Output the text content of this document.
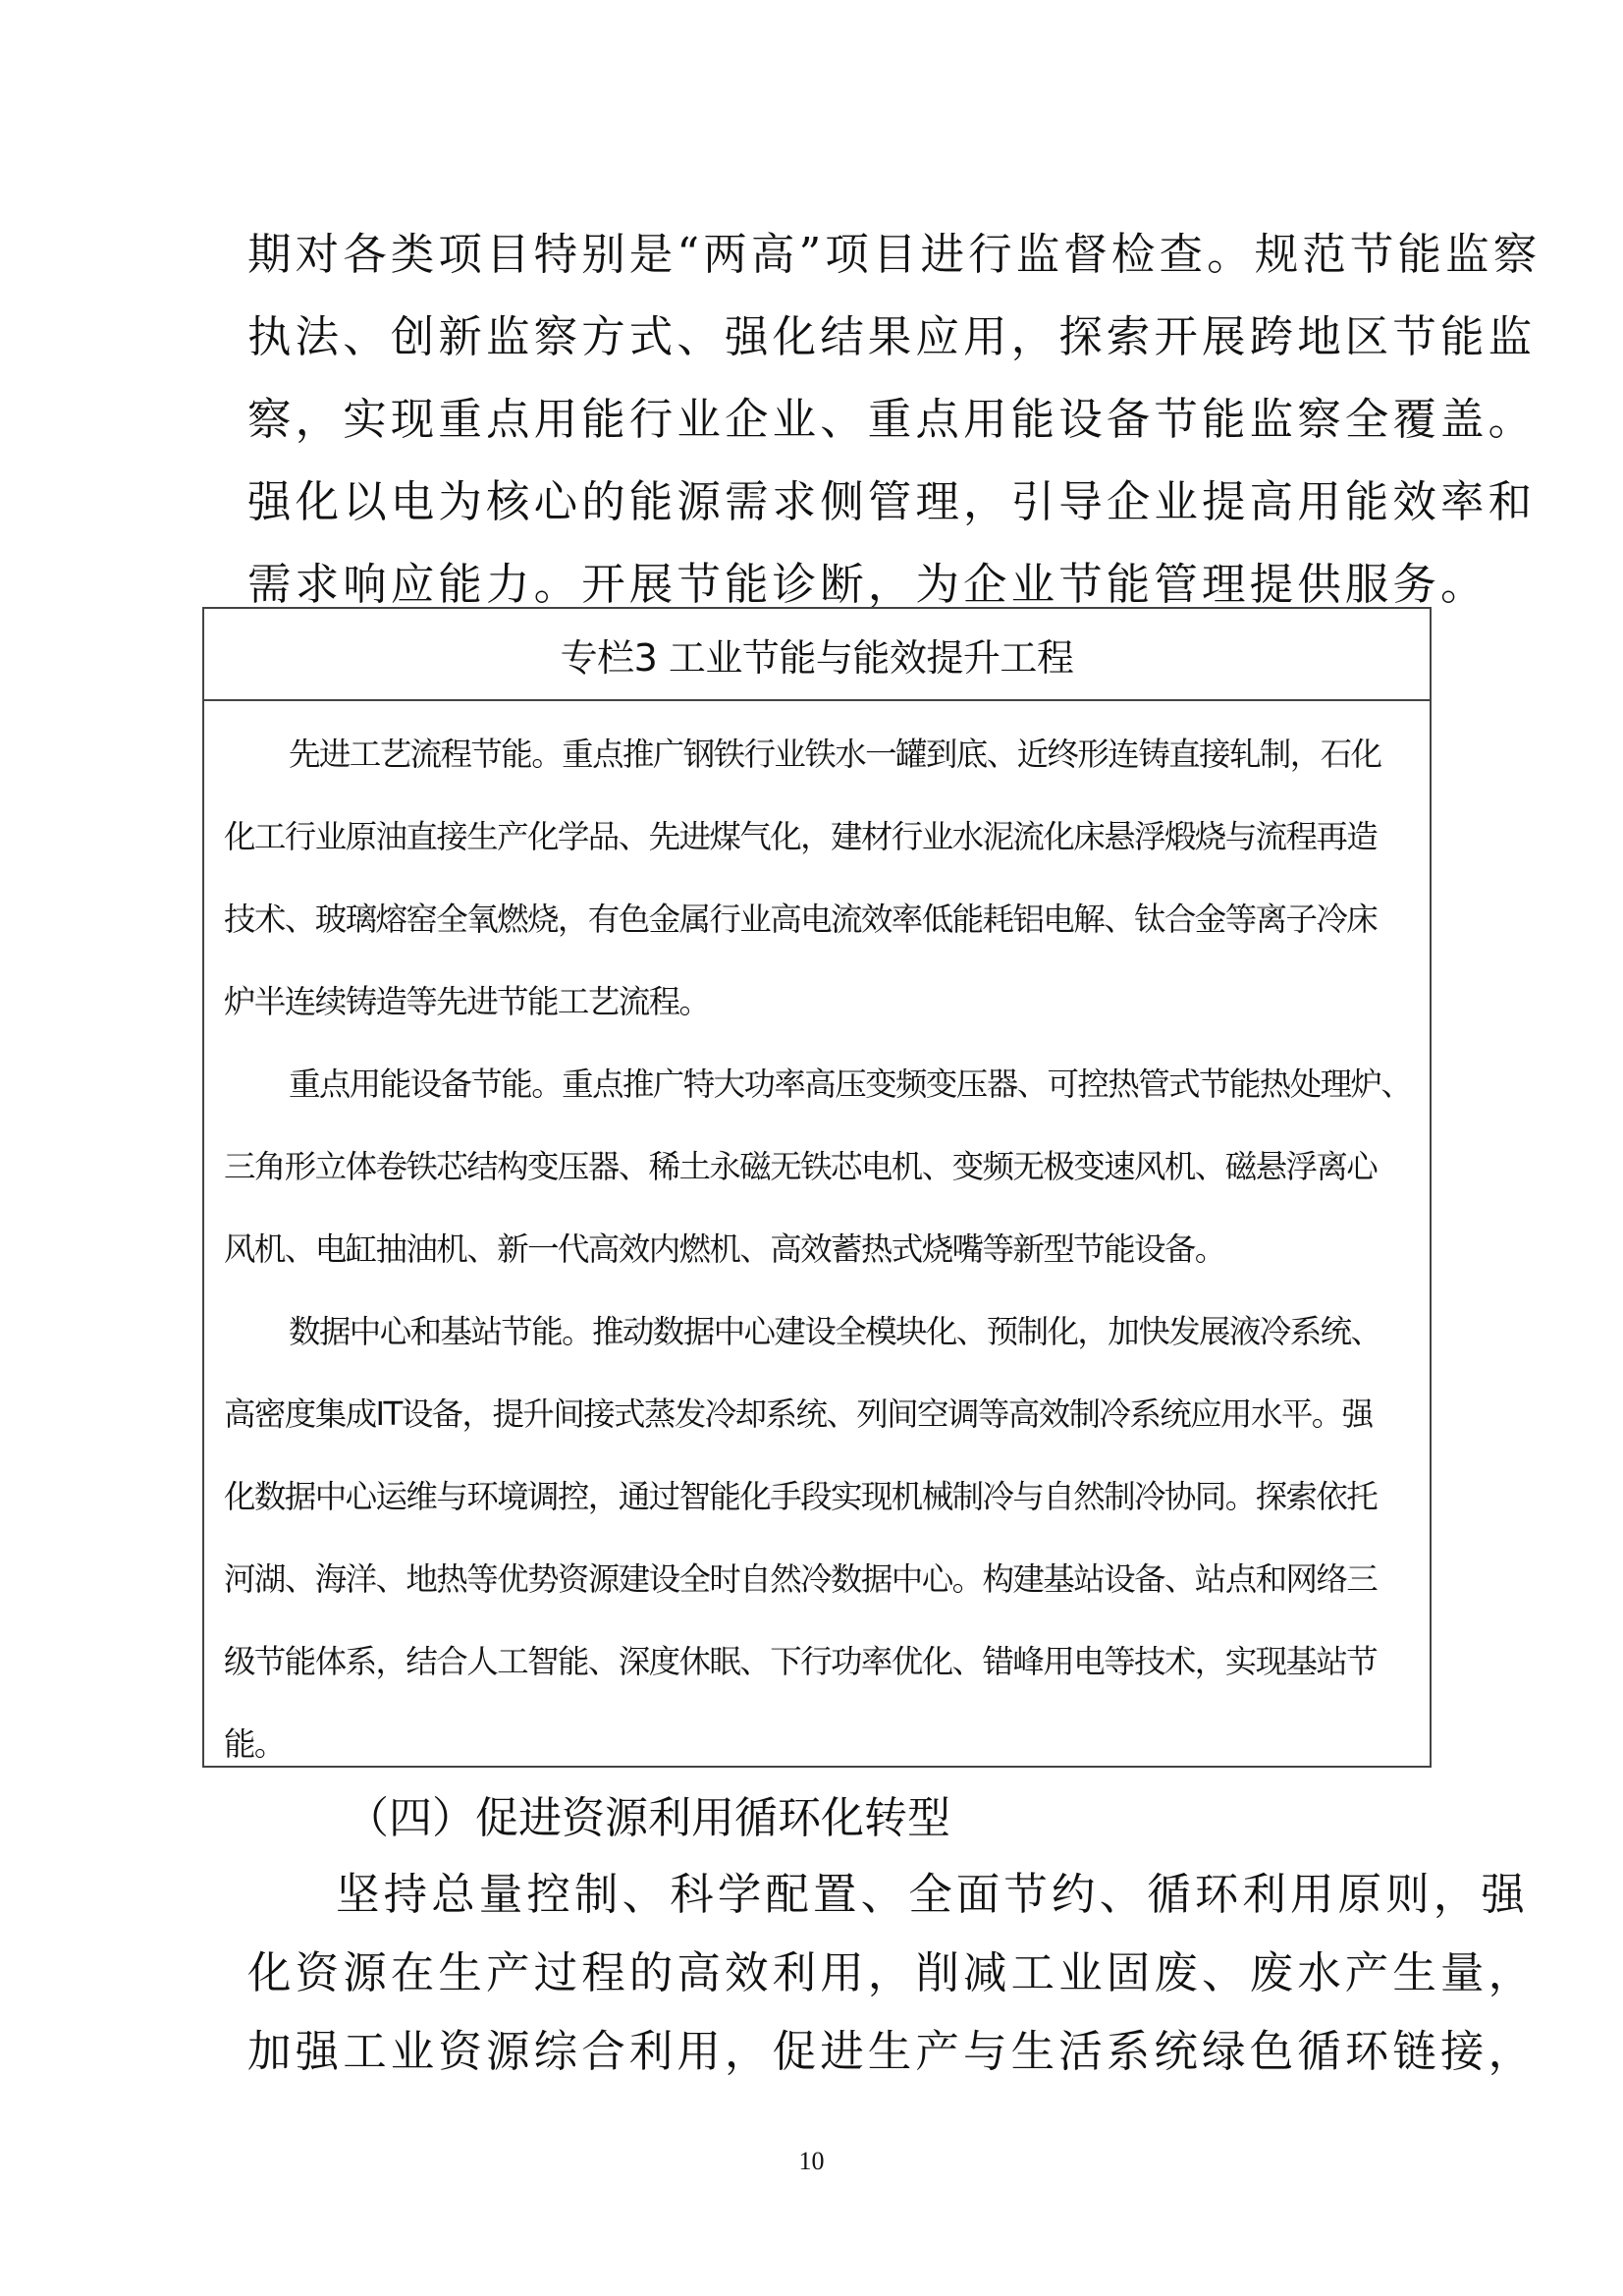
期对各类项目特别是“两高”项目进行监督检查。规范节能监察
执法、创新监察方式、强化结果应用，探索开展跨地区节能监
察，实现重点用能行业企业、重点用能设备节能监察全覆盖。
强化以电为核心的能源需求侧管理，引导企业提高用能效率和
需求响应能力。开展节能诊断，为企业节能管理提供服务。
专栏3 工业节能与能效提升工程
先进工艺流程节能。重点推广钢铁行业铁水一罐到底、近终形连铸直接轧制，石化
化工行业原油直接生产化学品、先进煤气化，建材行业水泥流化床悬浮煅烧与流程再造
技术、玻璃熔窑全氧燃烧，有色金属行业高电流效率低能耗铝电解、钛合金等离子冷床
炉半连续铸造等先进节能工艺流程。
重点用能设备节能。重点推广特大功率高压变频变压器、可控热管式节能热处理炉、
三角形立体卷铁芯结构变压器、稀土永磁无铁芯电机、变频无极变速风机、磁悬浮离心
风机、电缸抽油机、新一代高效内燃机、高效蓄热式烧嘴等新型节能设备。
数据中心和基站节能。推动数据中心建设全模块化、预制化，加快发展液冷系统、
高密度集成IT设备，提升间接式蒸发冷却系统、列间空调等高效制冷系统应用水平。强
化数据中心运维与环境调控，通过智能化手段实现机械制冷与自然制冷协同。探索依托
河湖、海洋、地热等优势资源建设全时自然冷数据中心。构建基站设备、站点和网络三
级节能体系，结合人工智能、深度休眠、下行功率优化、错峰用电等技术，实现基站节
能。
（四）促进资源利用循环化转型
坚持总量控制、科学配置、全面节约、循环利用原则，强
化资源在生产过程的高效利用，削减工业固废、废水产生量，
加强工业资源综合利用，促进生产与生活系统绿色循环链接，
10
